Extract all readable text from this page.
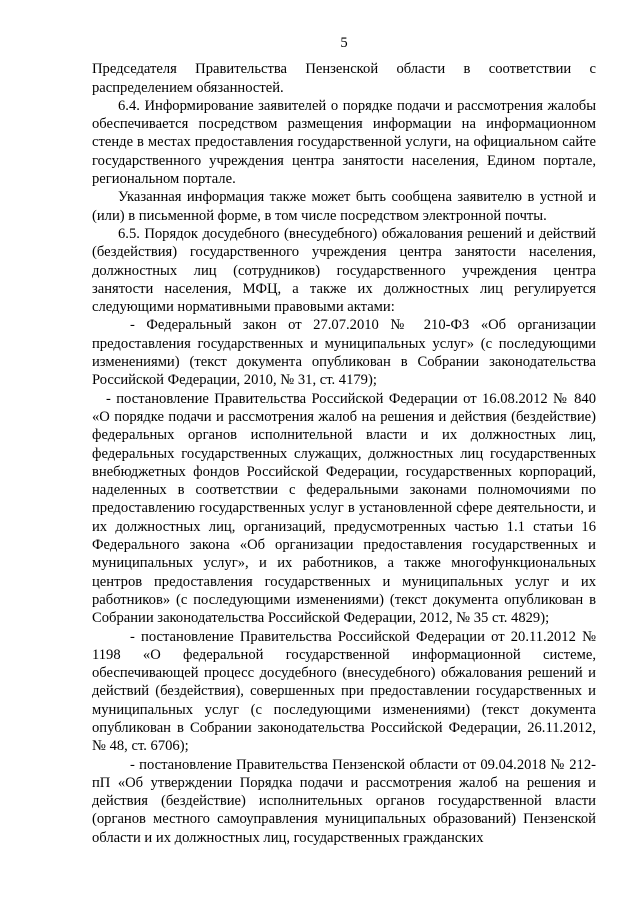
5

Председателя Правительства Пензенской области в соответствии с распределением обязанностей.

6.4. Информирование заявителей о порядке подачи и рассмотрения жалобы обеспечивается посредством размещения информации на информационном стенде в местах предоставления государственной услуги, на официальном сайте государственного учреждения центра занятости населения, Едином портале, региональном портале.

Указанная информация также может быть сообщена заявителю в устной и (или) в письменной форме, в том числе посредством электронной почты.

6.5. Порядок досудебного (внесудебного) обжалования решений и действий (бездействия) государственного учреждения центра занятости населения, должностных лиц (сотрудников) государственного учреждения центра занятости населения, МФЦ, а также их должностных лиц регулируется следующими нормативными правовыми актами:

- Федеральный закон от 27.07.2010 № 210-ФЗ «Об организации предоставления государственных и муниципальных услуг» (с последующими изменениями) (текст документа опубликован в Собрании законодательства Российской Федерации, 2010, № 31, ст. 4179);

- постановление Правительства Российской Федерации от 16.08.2012 № 840 «О порядке подачи и рассмотрения жалоб на решения и действия (бездействие) федеральных органов исполнительной власти и их должностных лиц, федеральных государственных служащих, должностных лиц государственных внебюджетных фондов Российской Федерации, государственных корпораций, наделенных в соответствии с федеральными законами полномочиями по предоставлению государственных услуг в установленной сфере деятельности, и их должностных лиц, организаций, предусмотренных частью 1.1 статьи 16 Федерального закона «Об организации предоставления государственных и муниципальных услуг», и их работников, а также многофункциональных центров предоставления государственных и муниципальных услуг и их работников» (с последующими изменениями) (текст документа опубликован в Собрании законодательства Российской Федерации, 2012, № 35 ст. 4829);

- постановление Правительства Российской Федерации от 20.11.2012 № 1198 «О федеральной государственной информационной системе, обеспечивающей процесс досудебного (внесудебного) обжалования решений и действий (бездействия), совершенных при предоставлении государственных и муниципальных услуг (с последующими изменениями) (текст документа опубликован в Собрании законодательства Российской Федерации, 26.11.2012, № 48, ст. 6706);

- постановление Правительства Пензенской области от 09.04.2018 № 212-пП «Об утверждении Порядка подачи и рассмотрения жалоб на решения и действия (бездействие) исполнительных органов государственной власти (органов местного самоуправления муниципальных образований) Пензенской области и их должностных лиц, государственных гражданских
